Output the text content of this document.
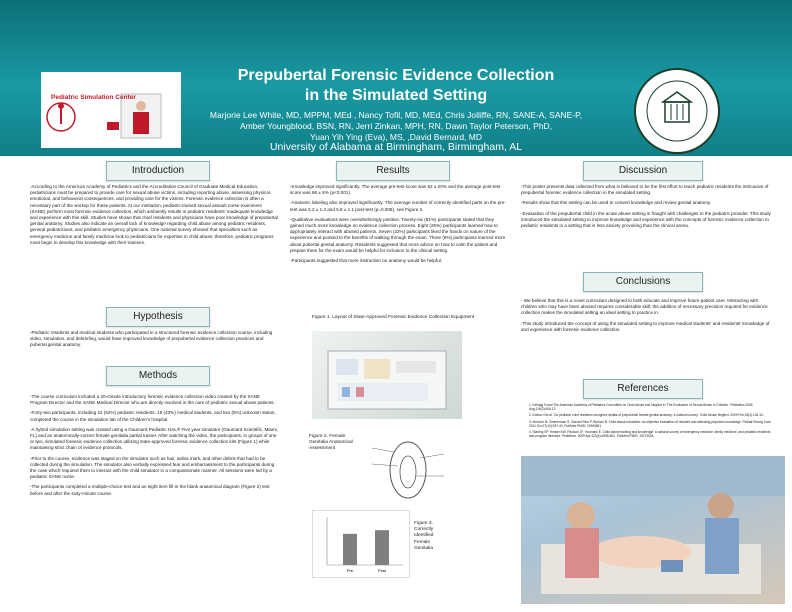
Pediatric Simulation Center
Prepubertal Forensic Evidence Collection
in the Simulated Setting
Marjorie Lee White, MD, MPPM, MEd , Nancy Tofil, MD, MEd, Chris Jolliffe, RN, SANE-A, SANE-P,
Amber Youngblood, BSN, RN, Jerri Zinkan, MPH, RN, Dawn Taylor Peterson, PhD,
Yuan Yih Ying (Eva), MS, ,David Bernard, MD
University of Alabama at Birmingham, Birmingham, AL
Introduction
-According to the American Academy of Pediatrics and the Accreditation Council of Graduate Medical Education, pediatricians must be prepared to provide care for sexual abuse victims, including reporting abuse, assessing physical, emotional, and behavioral consequences, and providing care for the victims. Forensic evidence collection is often a necessary part of the workup for these patients. At our institution, pediatric-trained sexual assault nurse examiners (SANE) perform most forensic evidence collection, which ambiently results in pediatric residents' inadequate knowledge and experience with this skill. Studies have shown that chief residents and physicians have poor knowledge of prepubertal genital anatomy. Studies also indicate an overall lack of knowledge regarding child abuse among pediatric residents, general pediatricians, and pediatric emergency physicians. One national survey showed that specialties such as emergency medicine and family medicine look to pediatricians for expertise in child abuse; therefore, pediatric programs must begin to develop this knowledge with their trainees.
Hypothesis
-Pediatric residents and medical students who participated in a structured forensic evidence collection course, including video, simulation, and debriefing, would have improved knowledge of prepubertal evidence collection practices and pubertal genital anatomy.
Methods

-The course curriculum included a 20-minute introductory forensic evidence collection video created by the SANE Program Director and the SANE Medical Director who are directly involved in the care of pediatric sexual abuse patients.

-Forty-two participants, including 22 (52%) pediatric residents, 18 (43%) medical students, and two (5%) unknown status, completed the course in the simulation lab of the Children's hospital.

-A hybrid simulation setting was created using a Gaumard Pediatric HAL® Five year simulator (Gaumard Scientific, Miami, FL) and an anatomically-correct female genitalia partial trainer. After watching the video, the participants, in groups of one or two, simulated forensic evidence collection utilizing state-approved forensic evidence collection kits (Figure 1) while maintaining strict chain of evidence protocols.

-Prior to the course, evidence was staged on the simulator such as hair, saliva mark, and other debris that had to be collected during the simulation. The simulator also verbally expressed fear and embarrassment to the participants during the case which required them to interact with the child simulator in a compassionate manner. All sessions were led by a pediatric SANE nurse.

-The participants completed a multiple-choice test and an eight item fill-in the blank anatomical diagram (Figure 2) test before and after the sixty-minute course.

Results

-Knowledge improved significantly. The average pre-test score was 62 ± 20% and the average post-test score was 86 ± 8% (p<0.001).

-Anatomic labeling also improved significantly. The average number of correctly identified parts on the pre-test was 5.2 ± 1.3 and 5.8 ± 1.1 post-test (p=0.008), see Figure 3.

-Qualitative evaluations were overwhelmingly positive. Twenty-six (81%) participants stated that they gained much more knowledge on evidence collection process. Eight (25%) participants learned how to appropriately interact with abused patients. Seven (22%) participants liked the hands on nature of the experience and pointed to the benefits of walking through the exam. Three (9%) participants learned more about pubertal genital anatomy. Residents suggested that more advice on how to calm the patient and prepare them for the exam would be helpful for inclusion to the clinical setting.

-Participants suggested that more instruction on anatomy would be helpful.

Figure 1. Layout of State-Approved Forensic Evidence Collection Equipment
Figure 2. Female Genitalia Anatomical Assessment
Figure 3. Correctly Identified Female Genitalia
Pre	Post
Discussion

-This poster presents data collected from what is believed to be the first effort to teach pediatric residents the intricacies of prepubertal forensic evidence collection in the simulated setting.

-Results show that this setting can be used to convert knowledge and review genital anatomy.

-Evaluation of the prepubertal child in the acute abuse setting is fraught with challenges to the pediatric provider. This study introduced the simulated setting to improve knowledge and experience with the concepts of forensic evidence collection to pediatric residents in a setting that is less anxiety provoking than the clinical arena.

Conclusions

- We believe that this is a novel curriculum designed to both educate and improve future patient care. Interacting with children who may have been abused requires considerable skill; the addition of necessary precision required for evidence collection makes the simulated setting an ideal setting to practice in.

-This study introduced the concept of using the simulated setting to improve medical students' and residents' knowledge of and experience with forensic evidence collection.

References

1. Kellogg N and The American Academy of Pediatrics Committee on Child Abuse and Neglect in 'The Evaluation of Sexual Abuse in Children.' Pediatrics 2005 Aug;116(2):506-12.

2. Dubow Get al. 'Do pediatric chief residents recognize details of prepubertal female genital anatomy: a national survey.' Child Abuse Neglect. 2009 Feb;33(2):104-10.

3. Menoch M, Zimmerman S, Garcia-Filion P, Bulloch B. Child abuse education: an objective evaluation of resident and attending physician knowledge. Pediatr Emerg Care. 2011 Oct;27(10):937-40. PubMed PMID: 21960891.

4. Starling SP, Heisler KW, Paulson JF, Youmans E. Child abuse training and knowledge: a national survey of emergency medicine, family medicine, and pediatric residents and program directors. Pediatrics. 2009 Apr;123(4):e595-602. PubMed PMID: 19273504.
